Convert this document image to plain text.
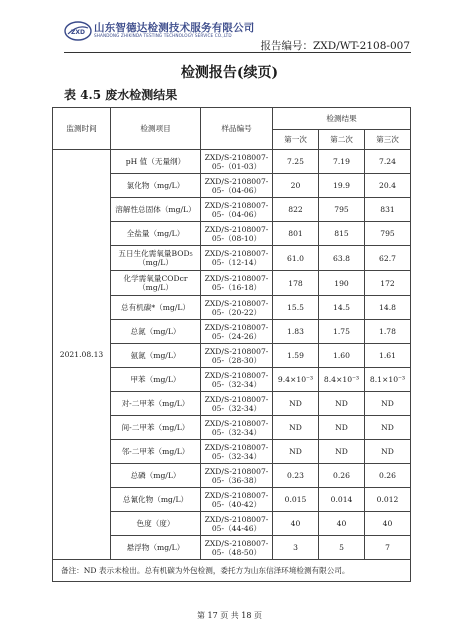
ZXD 山东智德达检测技术服务有限公司
SHANDONG ZHIKINDA TESTING TECHNOLOGY SERVICE CO.,LTD
报告编号：ZXD/WT-2108-007
检测报告(续页)
表 4.5 废水检测结果
监测时间	检测项目	样品编号	检测结果		
			第一次	第二次	第三次
2021.08.13	pH 值（无量纲）	ZXD/S-2108007-05-（01-03）	7.25	7.19	7.24
	氯化物（mg/L）	ZXD/S-2108007-05-（04-06）	20	19.9	20.4
	溶解性总固体（mg/L）	ZXD/S-2108007-05-（04-06）	822	795	831
	全盐量（mg/L）	ZXD/S-2108007-05-（08-10）	801	815	795
	五日生化需氧量BOD₅（mg/L）	ZXD/S-2108007-05-（12-14）	61.0	63.8	62.7
	化学需氧量CODcr（mg/L）	ZXD/S-2108007-05-（16-18）	178	190	172
	总有机碳*（mg/L）	ZXD/S-2108007-05-（20-22）	15.5	14.5	14.8
	总氮（mg/L）	ZXD/S-2108007-05-（24-26）	1.83	1.75	1.78
	氨氮（mg/L）	ZXD/S-2108007-05-（28-30）	1.59	1.60	1.61
	甲苯（mg/L）	ZXD/S-2108007-05-（32-34）	9.4×10⁻³	8.4×10⁻³	8.1×10⁻³
	对-二甲苯（mg/L）	ZXD/S-2108007-05-（32-34）	ND	ND	ND
	间-二甲苯（mg/L）	ZXD/S-2108007-05-（32-34）	ND	ND	ND
	邻-二甲苯（mg/L）	ZXD/S-2108007-05-（32-34）	ND	ND	ND
	总磷（mg/L）	ZXD/S-2108007-05-（36-38）	0.23	0.26	0.26
	总氰化物（mg/L）	ZXD/S-2108007-05-（40-42）	0.015	0.014	0.012
	色度（度）	ZXD/S-2108007-05-（44-46）	40	40	40
	悬浮物（mg/L）	ZXD/S-2108007-05-（48-50）	3	5	7
备注：ND 表示未检出。总有机碳为外包检测，委托方为山东信泽环境检测有限公司。					
第 17 页 共 18 页
